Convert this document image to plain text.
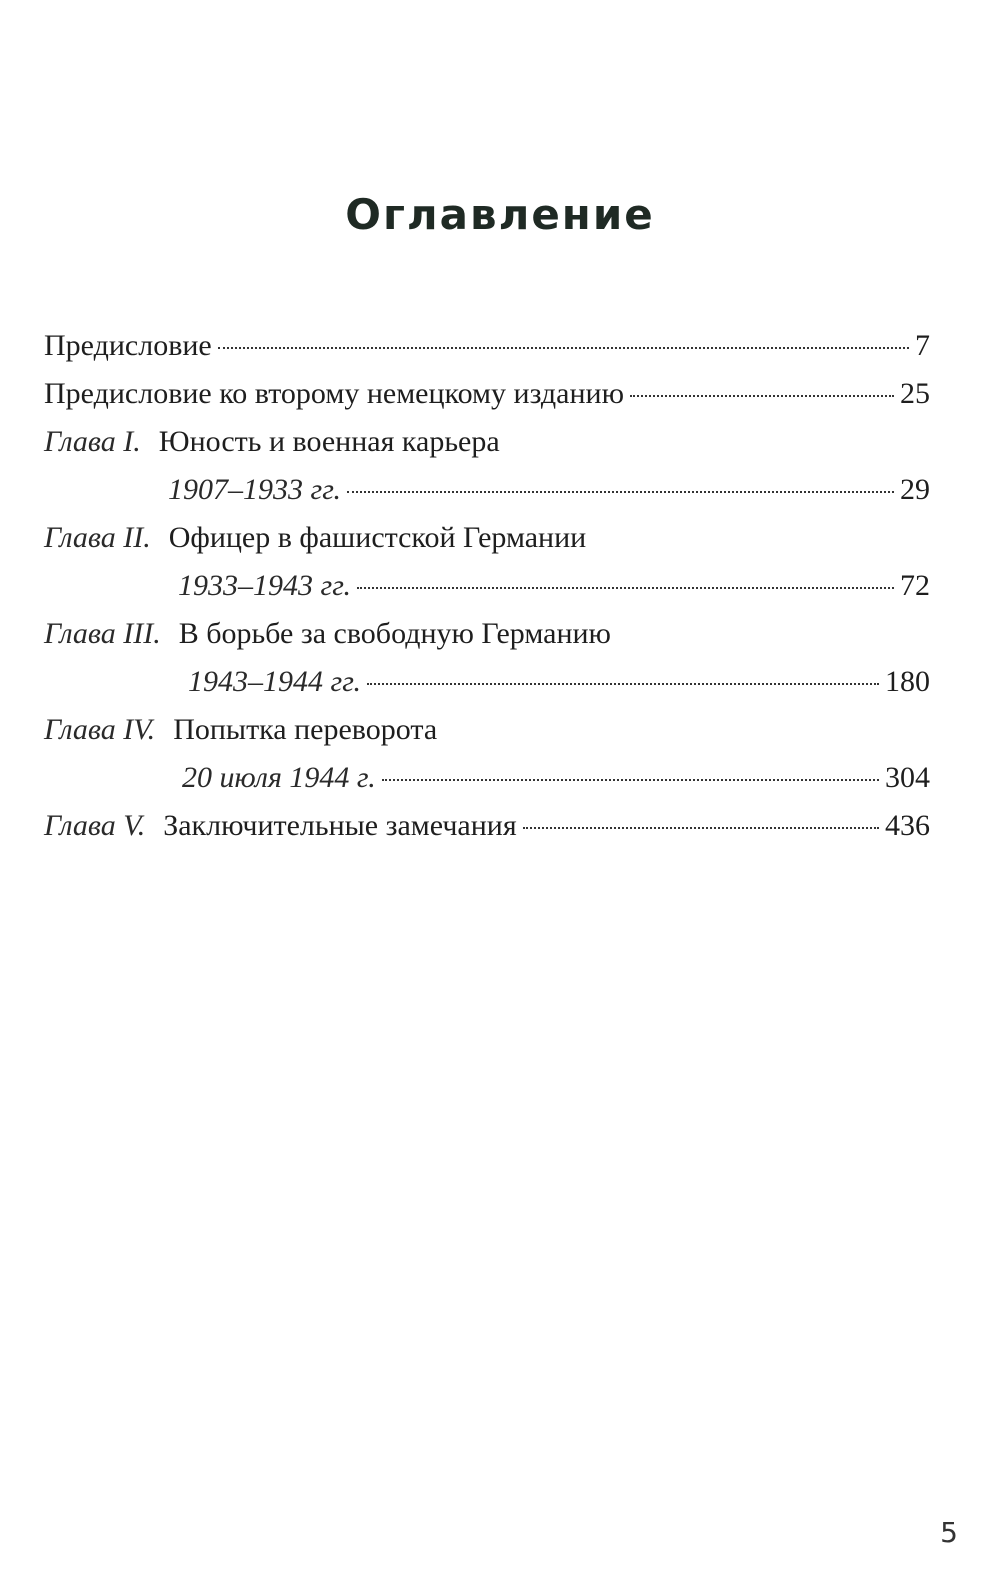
Оглавление
Предисловие	7
Предисловие ко второму немецкому изданию	25
Глава I. Юность и военная карьера
1907–1933 гг.	29
Глава II. Офицер в фашистской Германии
1933–1943 гг.	72
Глава III. В борьбе за свободную Германию
1943–1944 гг.	180
Глава IV. Попытка переворота
20 июля 1944 г.	304
Глава V. Заключительные замечания	436
5
